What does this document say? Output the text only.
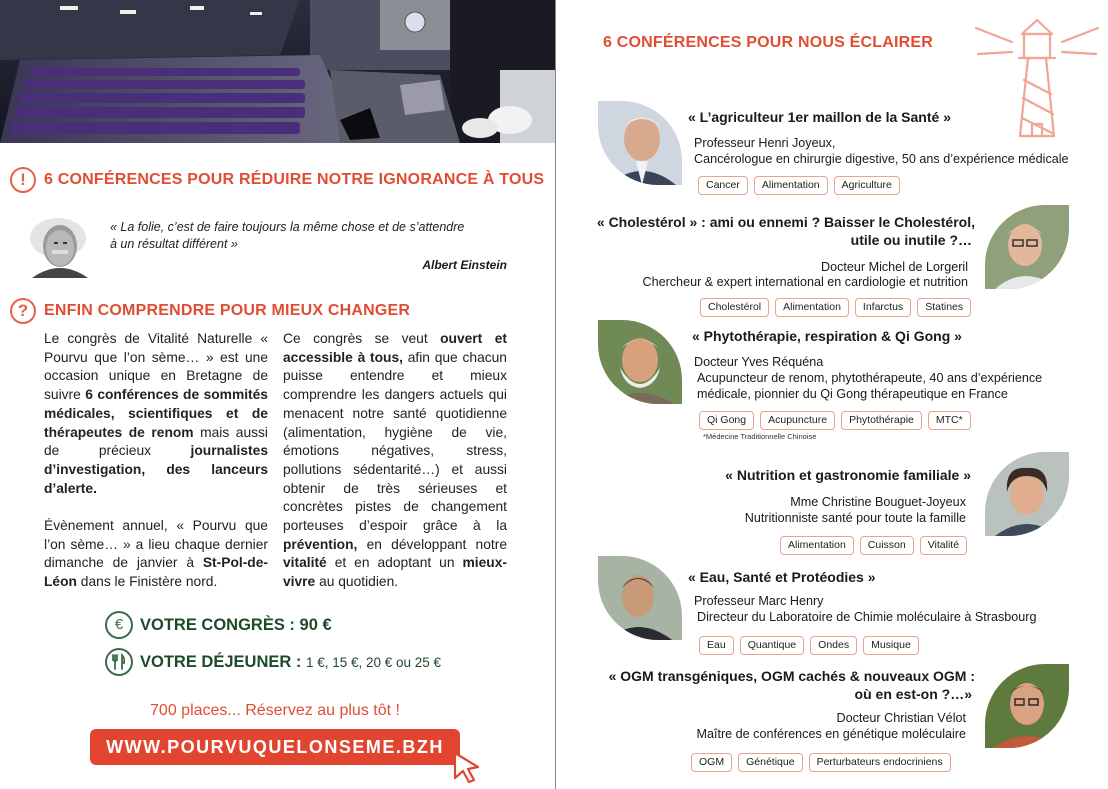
!	6 CONFÉRENCES POUR RÉDUIRE NOTRE IGNORANCE À TOUS
« La folie, c’est de faire toujours la même chose et de s’attendre
à un résultat différent »
Albert Einstein
? ENFIN COMPRENDRE POUR MIEUX CHANGER

Le congrès de Vitalité Naturelle « Pourvu que l’on sème… » est une occasion unique en Bretagne de suivre 6 conférences de sommités médicales, scientifiques et de thérapeutes de renom mais aussi de précieux journalistes d’investigation, des lanceurs d’alerte.

Évènement annuel, « Pourvu que l’on sème… » a lieu chaque dernier dimanche de janvier à St-Pol-de-Léon dans le Finistère nord.

Ce congrès se veut ouvert et accessible à tous, afin que chacun puisse entendre et mieux comprendre les dangers actuels qui menacent notre santé quotidienne (alimentation, hygiène de vie, émotions négatives, stress, pollutions sédentarité…) et aussi obtenir de très sérieuses et concrètes pistes de changement porteuses d’espoir grâce à la prévention, en développant notre vitalité et en adoptant un mieux-vivre au quotidien.

€	VOTRE CONGRÈS : 90 €
VOTRE DÉJEUNER : 1 €, 15 €, 20 € ou 25 €
700 places... Réservez au plus tôt !
WWW.POURVUQUELONSEME.BZH
6 CONFÉRENCES POUR NOUS ÉCLAIRER
« L’agriculteur 1er maillon de la Santé »
Professeur Henri Joyeux,
Cancérologue en chirurgie digestive, 50 ans d’expérience médicale
Cancer	Alimentation	Agriculture
« Cholestérol » : ami ou ennemi ? Baisser le Cholestérol,
utile ou inutile ?…
Docteur Michel de Lorgeril
Chercheur & expert international en cardiologie et nutrition
Cholestérol	Alimentation	Infarctus	Statines
« Phytothérapie, respiration & Qi Gong »
Docteur Yves Réquéna
Acupuncteur de renom, phytothérapeute, 40 ans d’expérience
médicale, pionnier du Qi Gong thérapeutique en France
Qi Gong	Acupuncture	Phytothérapie	MTC*
*Médecine Traditionnelle Chinoise
« Nutrition et gastronomie familiale »
Mme Christine Bouguet-Joyeux
Nutritionniste santé pour toute la famille
Alimentation	Cuisson	Vitalité
« Eau, Santé et Protéodies »
Professeur Marc Henry
Directeur du Laboratoire de Chimie moléculaire à Strasbourg
Eau	Quantique	Ondes	Musique
« OGM transgéniques, OGM cachés & nouveaux OGM :
où en est-on ?…»
Docteur Christian Vélot
Maître de conférences en génétique moléculaire
OGM	Génétique	Perturbateurs endocriniens
